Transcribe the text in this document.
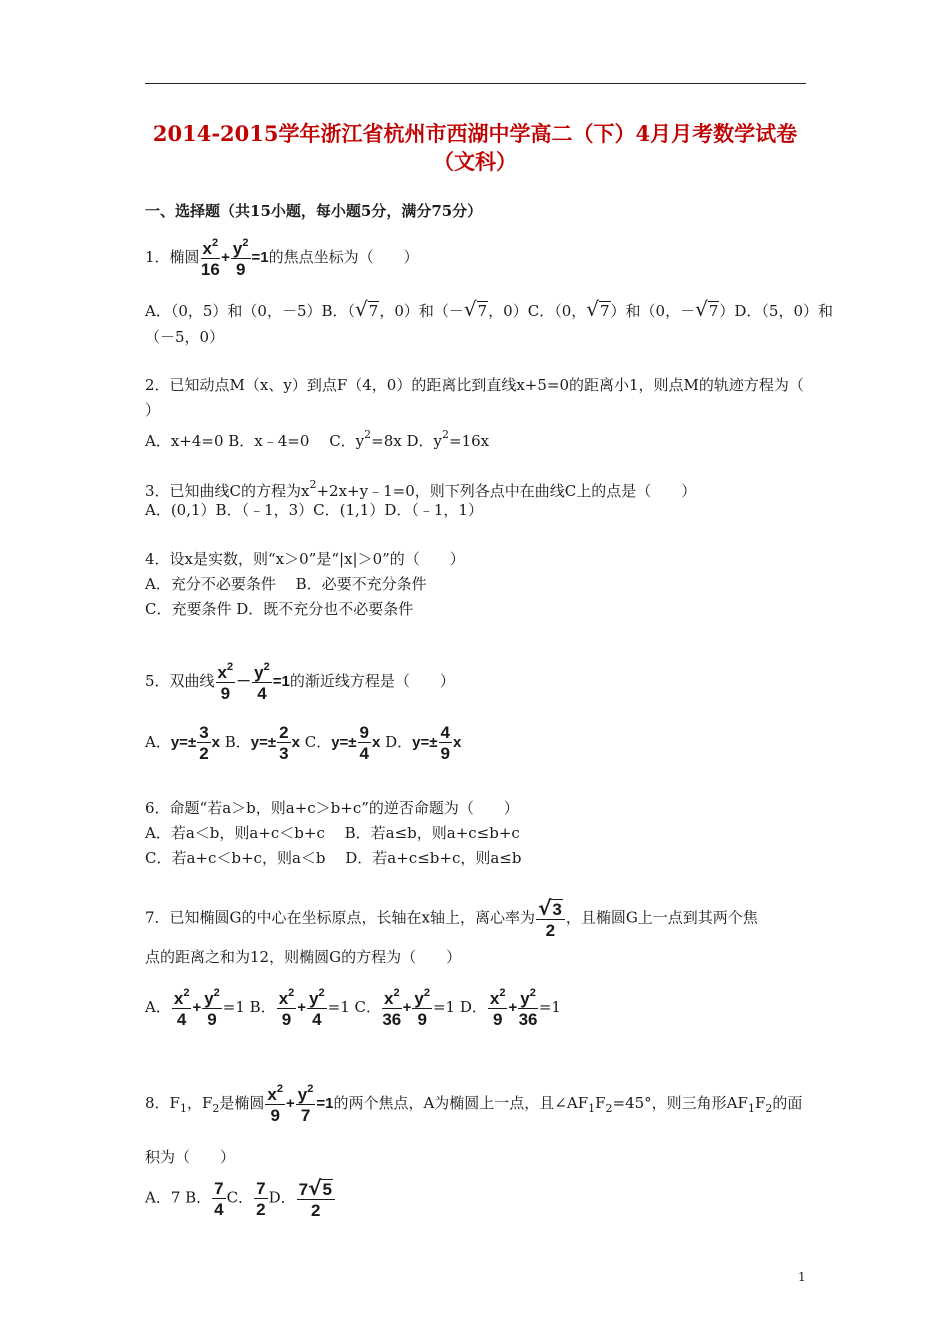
2014-2015学年浙江省杭州市西湖中学高二（下）4月月考数学试卷
（文科）
一、选择题（共15小题，每小题5分，满分75分）
1．椭圆 $\frac{x^2}{16} + \frac{y^2}{9} =1$的焦点坐标为（　　）
A．（0，5）和（0，－5）B．（√7，0）和（－√7，0）C．（0，√7）和（0，－√7）D．（5，0）和
（－5，0）
2．已知动点M（x、y）到点F（4，0）的距离比到直线x+5=0的距离小1，则点M的轨迹方程为（
）
A．x+4=0 B．x﹣4=0　 C．$y^2=8x$ D．$y^2=16x$
3．已知曲线C的方程为$x^2+2x+y﹣1=0$，则下列各点中在曲线C上的点是（　　）
A．(0,1）B．（﹣1，3）C．(1,1）D．（﹣1，1）
4．设x是实数，则“x＞0”是“|x|＞0”的（　　）
A．充分不必要条件　 B．必要不充分条件
C．充要条件 D．既不充分也不必要条件
5．双曲线 $\frac{x^2}{9} - \frac{y^2}{4} =1$的渐近线方程是（　　）
A．$y=\pm \frac{3}{2}$ x B．$y=\pm \frac{2}{3}$ x C．$y=\pm \frac{9}{4}$ x D．$y=\pm \frac{4}{9}$ x
6．命题“若a＞b，则a+c＞b+c”的逆否命题为（　　）
A．若a＜b，则a+c＜b+c　 B．若a≤b，则a+c≤b+c
C．若a+c＜b+c，则a＜b　 D．若a+c≤b+c，则a≤b
7．已知椭圆G的中心在坐标原点，长轴在x轴上，离心率为 $\frac{√3}{2}$ ，且椭圆G上一点到其两个焦
点的距离之和为12，则椭圆G的方程为（　　）
A． $\frac{x^2}{4} + \frac{y^2}{9} =1$ B． $\frac{x^2}{9} + \frac{y^2}{4} =1$ C． $\frac{x^2}{36} + \frac{y^2}{9} =1$ D． $\frac{x^2}{9} + \frac{y^2}{36} =1$
8．$F_1$，$F_2$是椭圆 $\frac{x^2}{9} + \frac{y^2}{7} =1$的两个焦点，A为椭圆上一点，且$\angle AF_1F_2=45^\circ$，则三角形$AF_1F_2$的面
积为（　　）
A．7 B． $\frac{7}{4}$ C． $\frac{7}{2}$ D． $\frac{7√5}{2}$
1
